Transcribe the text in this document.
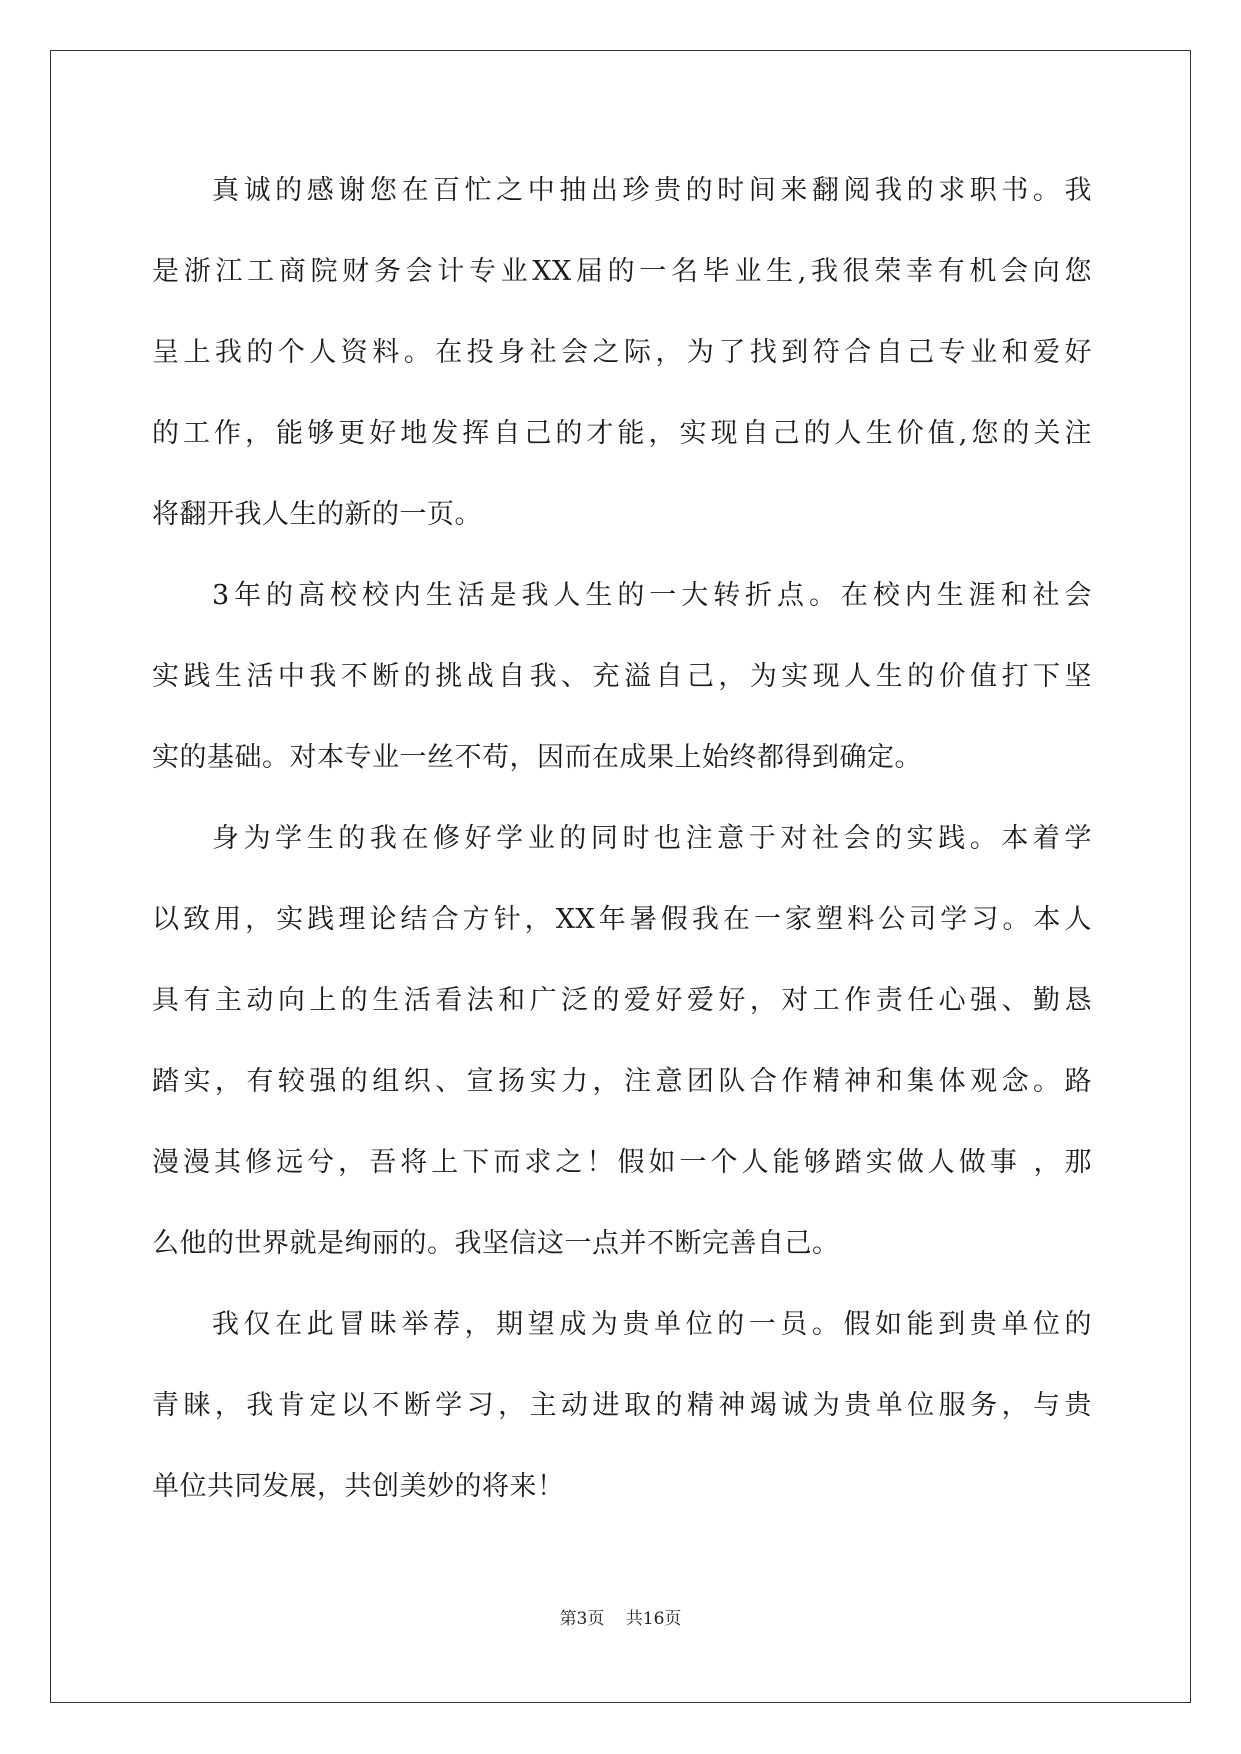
真诚的感谢您在百忙之中抽出珍贵的时间来翻阅我的求职书。我
是浙江工商院财务会计专业XX届的一名毕业生,我很荣幸有机会向您
呈上我的个人资料。在投身社会之际，为了找到符合自己专业和爱好
的工作，能够更好地发挥自己的才能，实现自己的人生价值,您的关注
将翻开我人生的新的一页。
3年的高校校内生活是我人生的一大转折点。在校内生涯和社会
实践生活中我不断的挑战自我、充溢自己，为实现人生的价值打下坚
实的基础。对本专业一丝不苟，因而在成果上始终都得到确定。
身为学生的我在修好学业的同时也注意于对社会的实践。本着学
以致用，实践理论结合方针，XX年暑假我在一家塑料公司学习。本人
具有主动向上的生活看法和广泛的爱好爱好，对工作责任心强、勤恳
踏实，有较强的组织、宣扬实力，注意团队合作精神和集体观念。路
漫漫其修远兮，吾将上下而求之！假如一个人能够踏实做人做事 ，那
么他的世界就是绚丽的。我坚信这一点并不断完善自己。
我仅在此冒昧举荐，期望成为贵单位的一员。假如能到贵单位的
青睐，我肯定以不断学习，主动进取的精神竭诚为贵单位服务，与贵
单位共同发展，共创美妙的将来！
第3页 共16页
